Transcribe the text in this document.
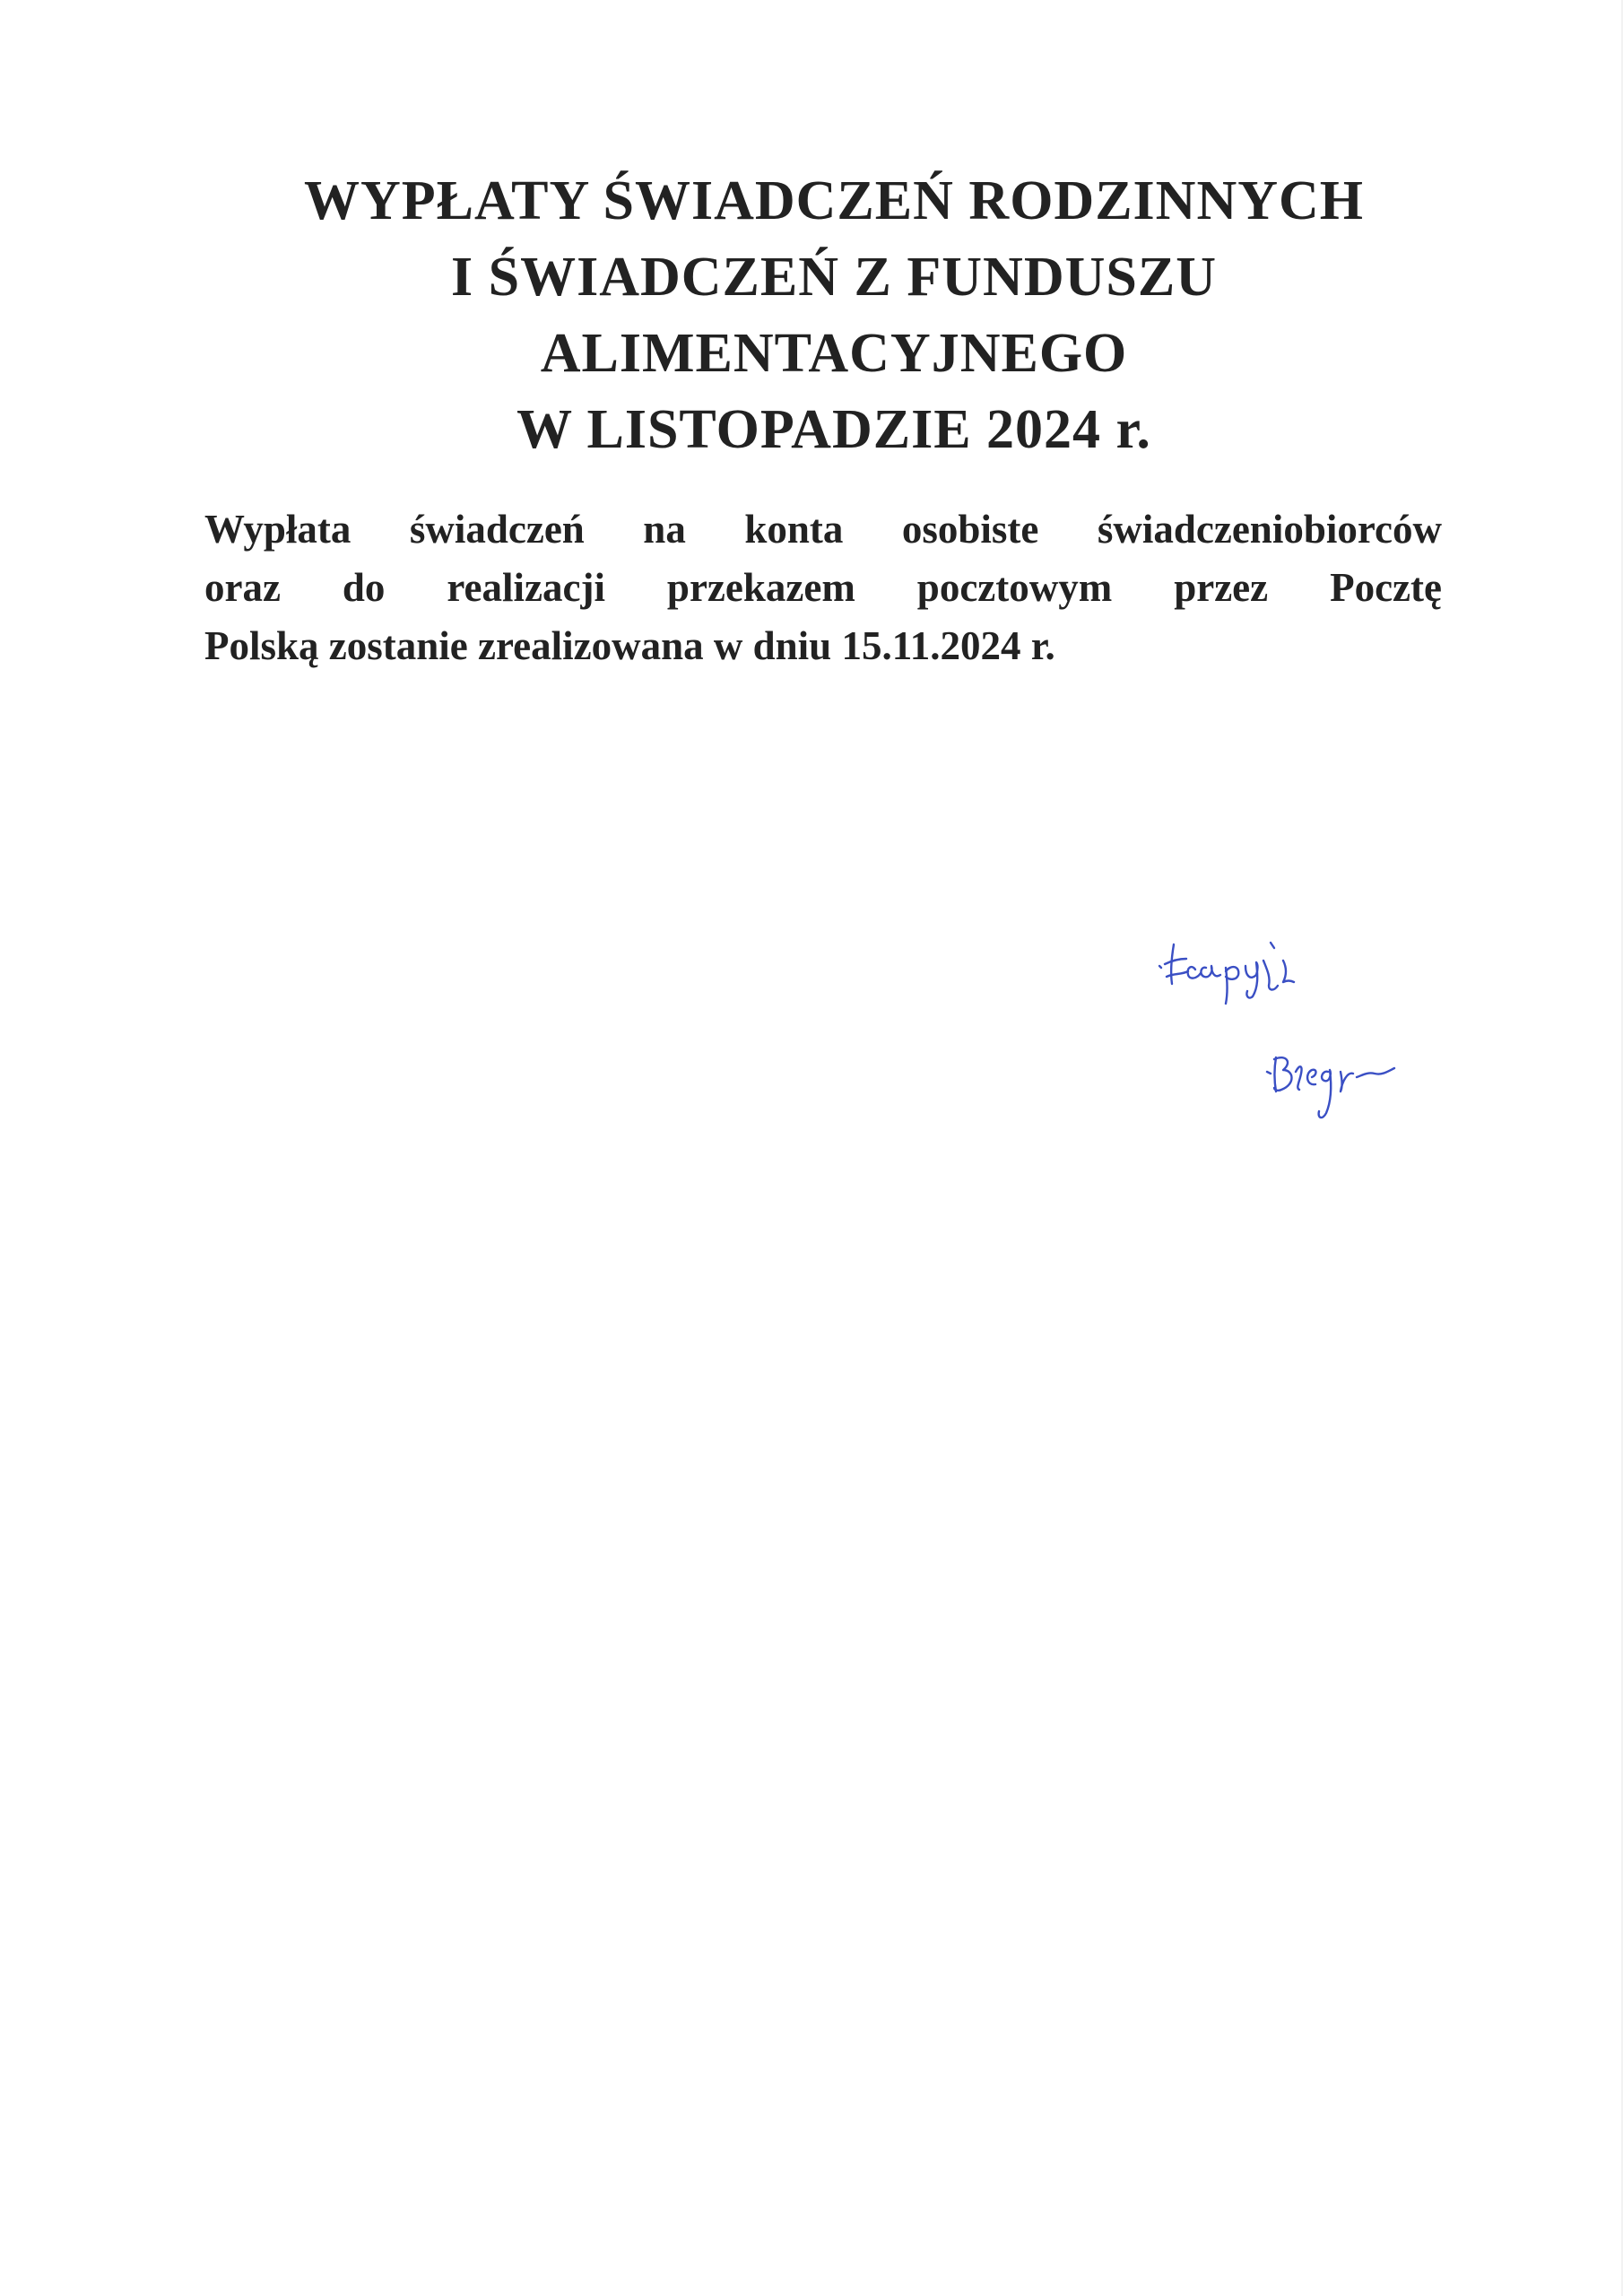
WYPŁATY ŚWIADCZEŃ RODZINNYCH
I ŚWIADCZEŃ Z FUNDUSZU
ALIMENTACYJNEGO
W LISTOPADZIE 2024 r.
Wypłata świadczeń na konta osobiste świadczeniobiorców
oraz do realizacji przekazem pocztowym przez Pocztę
Polską zostanie zrealizowana w dniu 15.11.2024 r.
